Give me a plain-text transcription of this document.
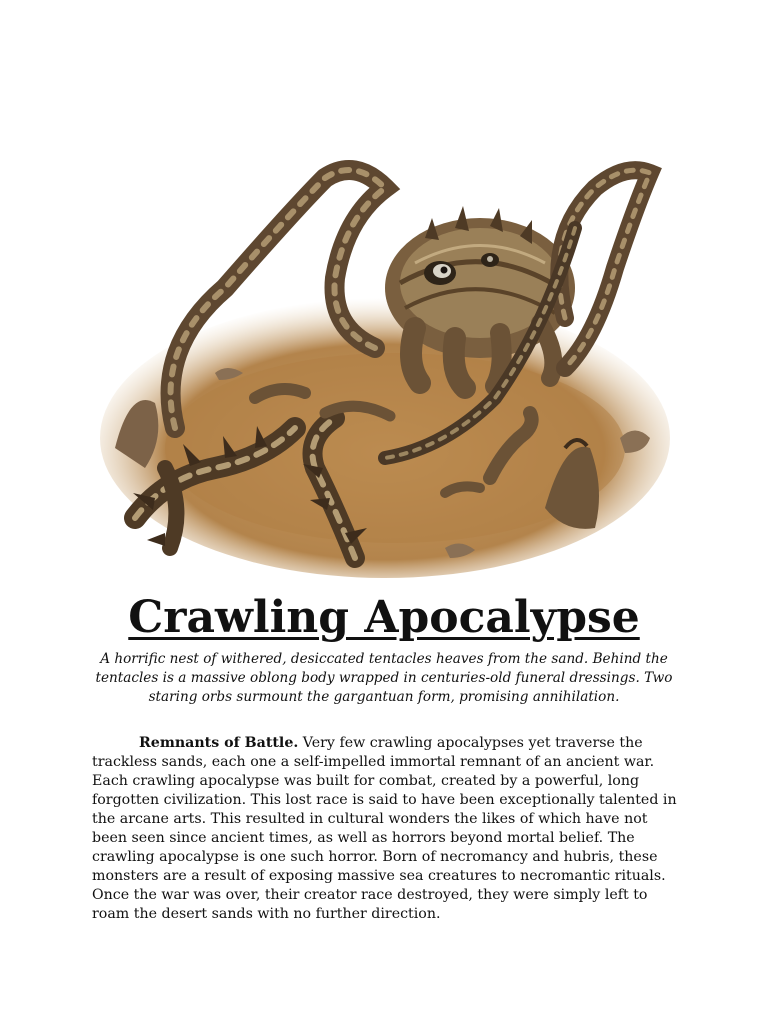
Crawling Apocalypse

A horrific nest of withered, desiccated tentacles heaves from the sand. Behind the tentacles is a massive oblong body wrapped in centuries-old funeral dressings. Two staring orbs surmount the gargantuan form, promising annihilation.

Remnants of Battle. Very few crawling apocalypses yet traverse the trackless sands, each one a self-impelled immortal remnant of an ancient war. Each crawling apocalypse was built for combat, created by a powerful, long forgotten civilization. This lost race is said to have been exceptionally talented in the arcane arts. This resulted in cultural wonders the likes of which have not been seen since ancient times, as well as horrors beyond mortal belief. The crawling apocalypse is one such horror. Born of necromancy and hubris, these monsters are a result of exposing massive sea creatures to necromantic rituals. Once the war was over, their creator race destroyed, they were simply left to roam the desert sands with no further direction.
